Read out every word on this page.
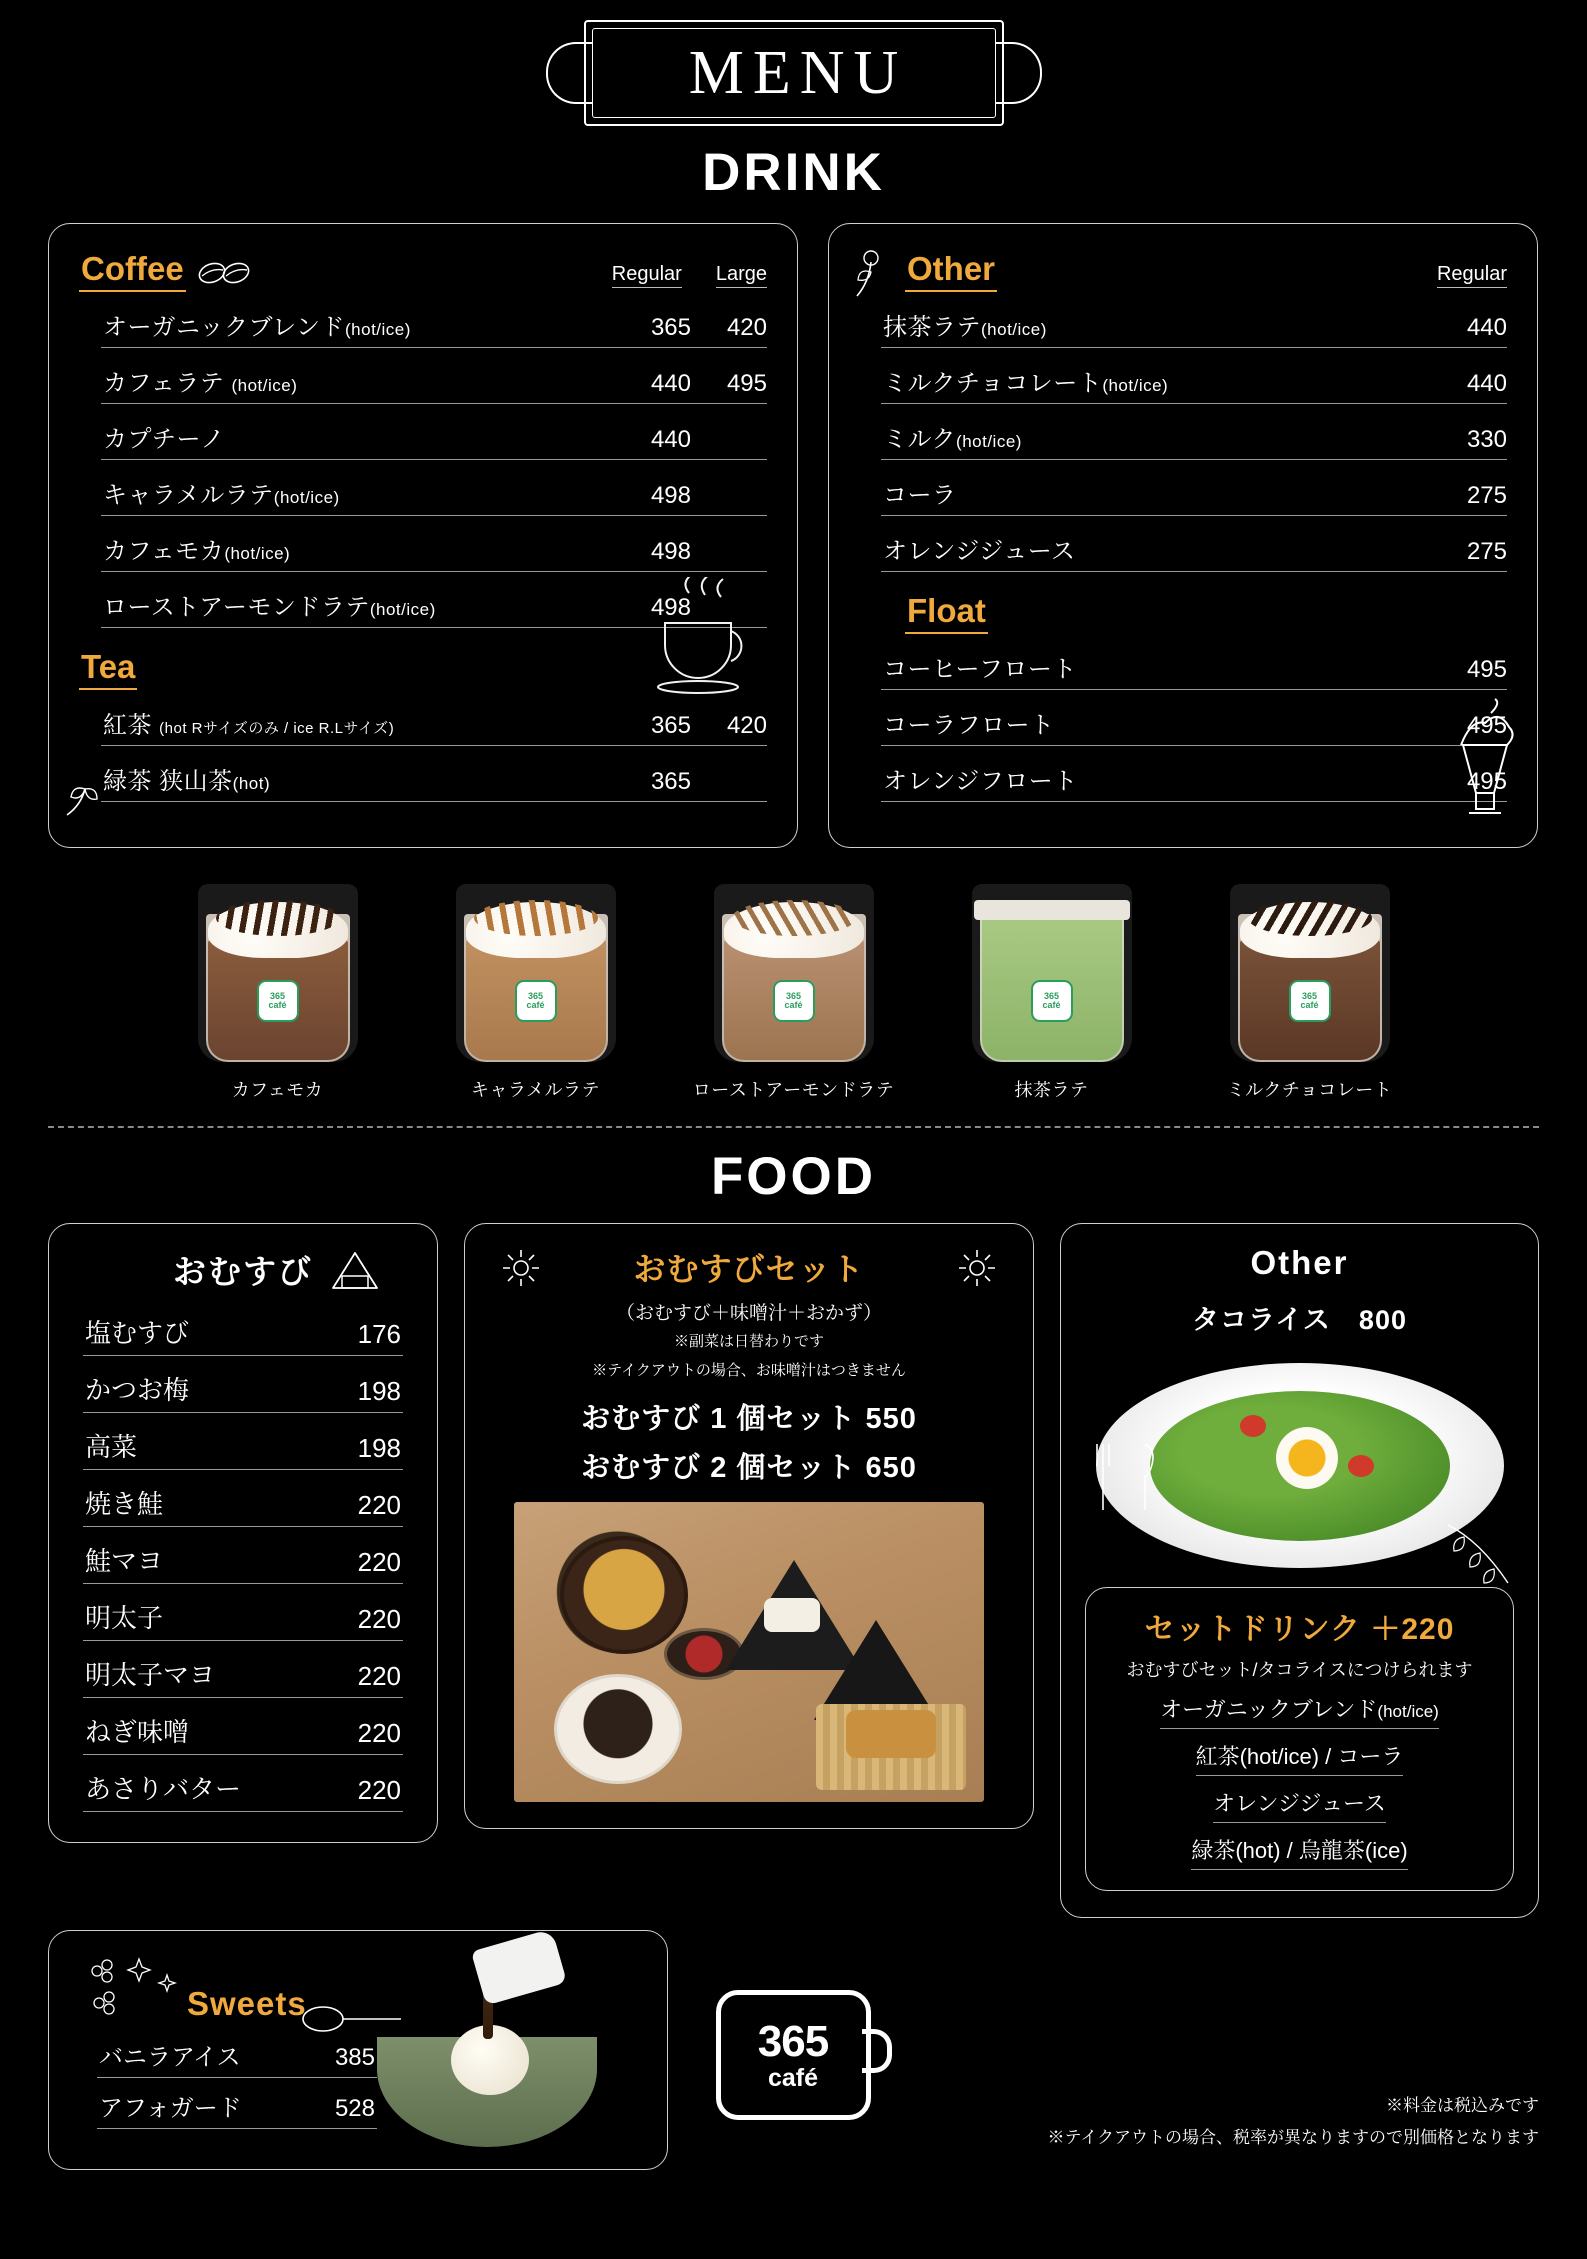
MENU
DRINK
Coffee	Regular Large
オーガニックブレンド(hot/ice)	365	420
カフェラテ (hot/ice)	440	495
カプチーノ	440
キャラメルラテ(hot/ice)	498
カフェモカ(hot/ice)	498
ローストアーモンドラテ(hot/ice)	498
Tea
紅茶 (hot Rサイズのみ / ice R.Lサイズ)	365	420
緑茶 狭山茶(hot)	365
Other	Regular
抹茶ラテ(hot/ice)	440
ミルクチョコレート(hot/ice)	440
ミルク(hot/ice)	330
コーラ	275
オレンジジュース	275
Float
コーヒーフロート	495
コーラフロート	495
オレンジフロート	495
365
café
カフェモカ
365
café
キャラメルラテ
365
café
ローストアーモンドラテ
365
café
抹茶ラテ
365
café
ミルクチョコレート
FOOD
おむすび
塩むすび	176
かつお梅	198
高菜	198
焼き鮭	220
鮭マヨ	220
明太子	220
明太子マヨ	220
ねぎ味噌	220
あさりバター	220
おむすびセット
（おむすび＋味噌汁＋おかず）
※副菜は日替わりです
※テイクアウトの場合、お味噌汁はつきません
おむすび 1 個セット 550
おむすび 2 個セット 650
Other
タコライス　800
セットドリンク ＋220
おむすびセット/タコライスにつけられます
オーガニックブレンド(hot/ice)
紅茶(hot/ice) / コーラ
オレンジジュース
緑茶(hot) / 烏龍茶(ice)
Sweets
バニラアイス	385
アフォガード	528
365
café
※料金は税込みです
※テイクアウトの場合、税率が異なりますので別価格となります
